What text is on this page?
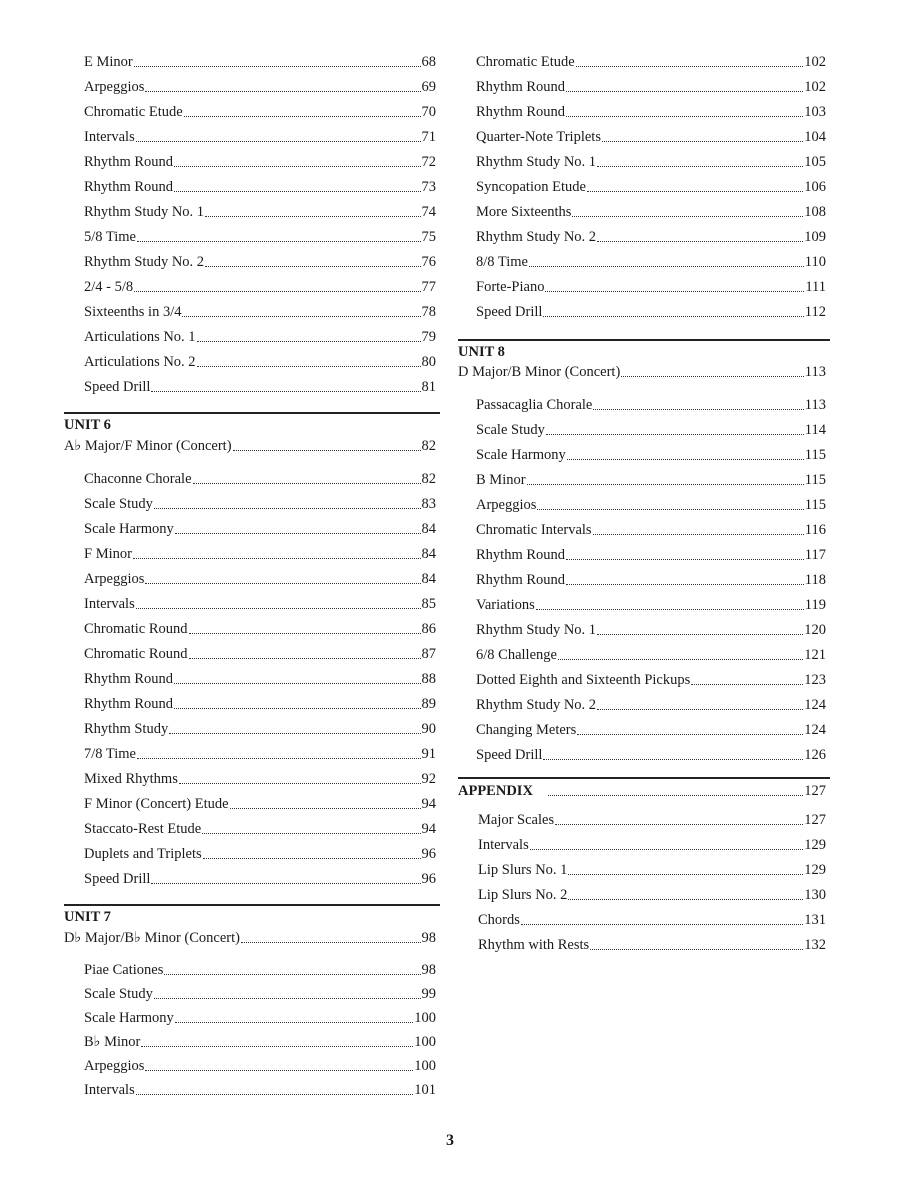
3
E Minor	68
Arpeggios	69
Chromatic Etude	70
Intervals	71
Rhythm Round	72
Rhythm Round	73
Rhythm Study No. 1	74
5/8 Time	75
Rhythm Study No. 2	76
2/4 - 5/8	77
Sixteenths in 3/4	78
Articulations No. 1	79
Articulations No. 2	80
Speed Drill	81
UNIT 6
A♭ Major/F Minor (Concert)	82
Chaconne Chorale	82
Scale Study	83
Scale Harmony	84
F Minor	84
Arpeggios	84
Intervals	85
Chromatic Round	86
Chromatic Round	87
Rhythm Round	88
Rhythm Round	89
Rhythm Study	90
7/8 Time	91
Mixed Rhythms	92
F Minor (Concert) Etude	94
Staccato-Rest Etude	94
Duplets and Triplets	96
Speed Drill	96
UNIT 7
D♭ Major/B♭ Minor (Concert)	98
Piae Cationes	98
Scale Study	99
Scale Harmony	100
B♭ Minor	100
Arpeggios	100
Intervals	101
Chromatic Etude	102
Rhythm Round	102
Rhythm Round	103
Quarter-Note Triplets	104
Rhythm Study No. 1	105
Syncopation Etude	106
More Sixteenths	108
Rhythm Study No. 2	109
8/8 Time	110
Forte-Piano	111
Speed Drill	112
UNIT 8
D Major/B Minor (Concert)	113
Passacaglia Chorale	113
Scale Study	114
Scale Harmony	115
B Minor	115
Arpeggios	115
Chromatic Intervals	116
Rhythm Round	117
Rhythm Round	118
Variations	119
Rhythm Study No. 1	120
6/8 Challenge	121
Dotted Eighth and Sixteenth Pickups	123
Rhythm Study No. 2	124
Changing Meters	124
Speed Drill	126
APPENDIX	127
Major Scales	127
Intervals	129
Lip Slurs No. 1	129
Lip Slurs No. 2	130
Chords	131
Rhythm with Rests	132
